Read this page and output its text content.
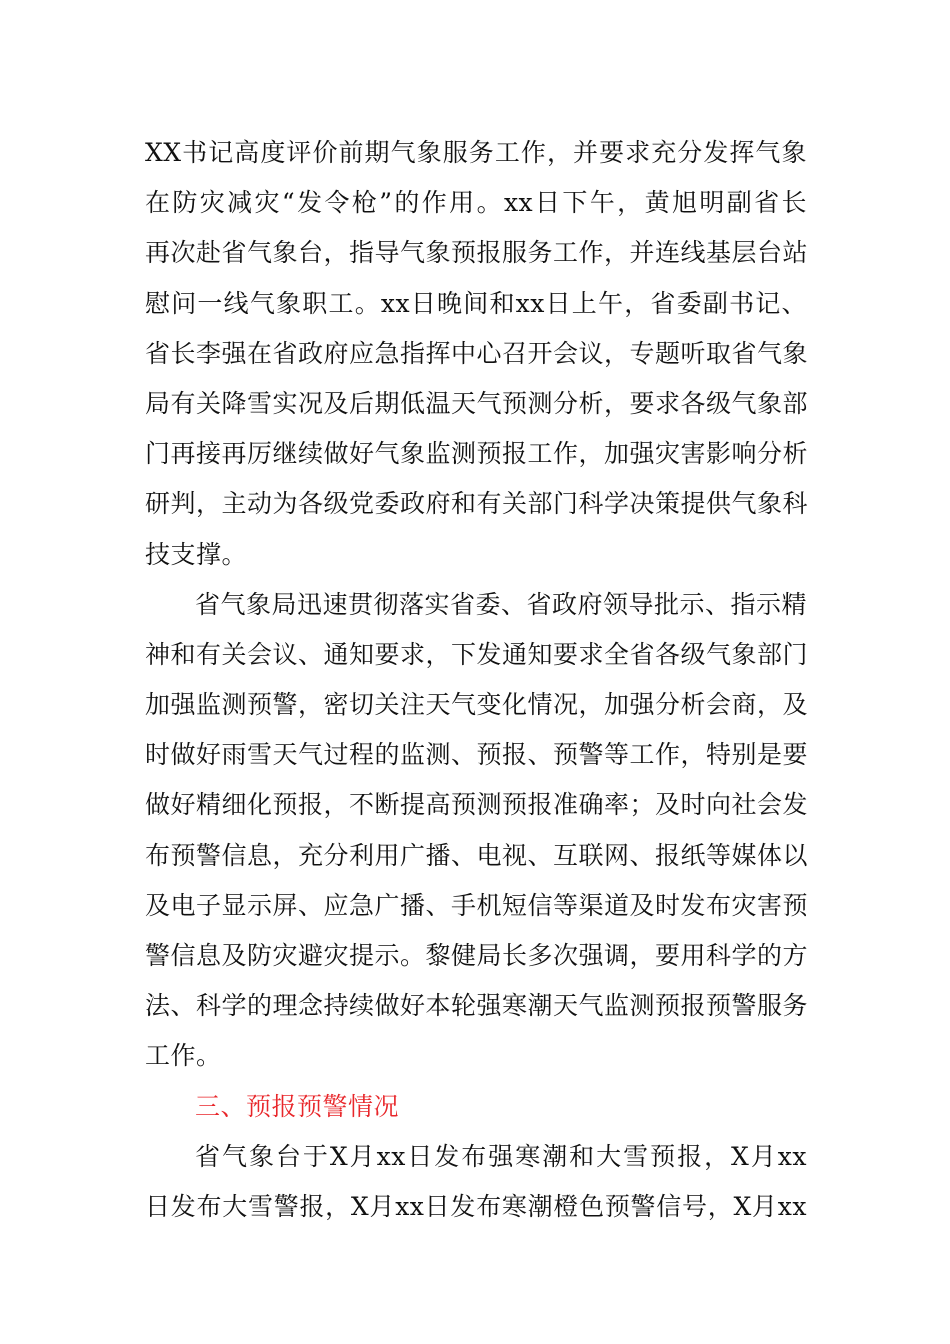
XX书记高度评价前期气象服务工作，并要求充分发挥气象
在防灾减灾“发令枪”的作用。xx日下午，黄旭明副省长
再次赴省气象台，指导气象预报服务工作，并连线基层台站
慰问一线气象职工。xx日晚间和xx日上午，省委副书记、
省长李强在省政府应急指挥中心召开会议，专题听取省气象
局有关降雪实况及后期低温天气预测分析，要求各级气象部
门再接再厉继续做好气象监测预报工作，加强灾害影响分析
研判，主动为各级党委政府和有关部门科学决策提供气象科
技支撑。
省气象局迅速贯彻落实省委、省政府领导批示、指示精
神和有关会议、通知要求，下发通知要求全省各级气象部门
加强监测预警，密切关注天气变化情况，加强分析会商，及
时做好雨雪天气过程的监测、预报、预警等工作，特别是要
做好精细化预报，不断提高预测预报准确率；及时向社会发
布预警信息，充分利用广播、电视、互联网、报纸等媒体以
及电子显示屏、应急广播、手机短信等渠道及时发布灾害预
警信息及防灾避灾提示。黎健局长多次强调，要用科学的方
法、科学的理念持续做好本轮强寒潮天气监测预报预警服务
工作。
三、预报预警情况
省气象台于X月xx日发布强寒潮和大雪预报，X月xx
日发布大雪警报，X月xx日发布寒潮橙色预警信号，X月xx
